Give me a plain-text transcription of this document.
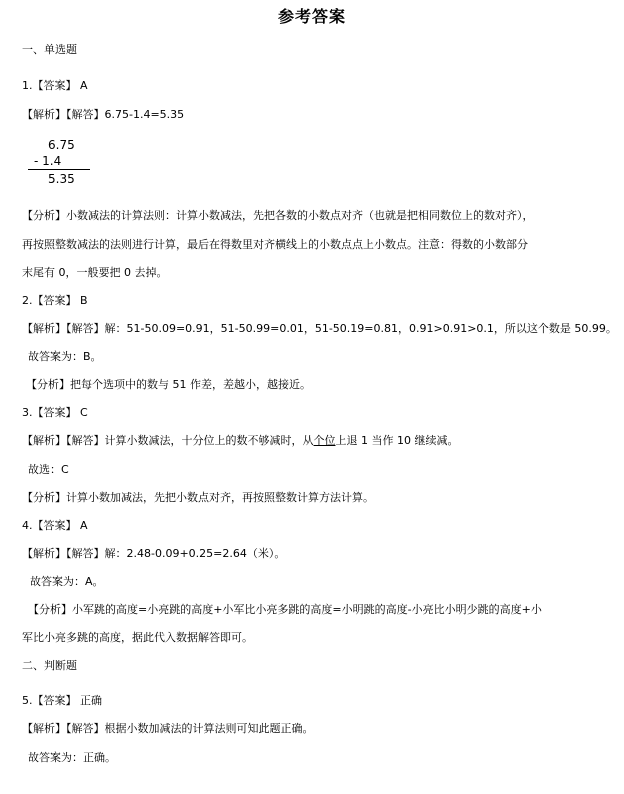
参考答案
一、单选题
1.【答案】 A
【解析】【解答】6.75-1.4=5.35
6.75
- 1.4
5.35
【分析】小数减法的计算法则：计算小数减法，先把各数的小数点对齐（也就是把相同数位上的数对齐），
再按照整数减法的法则进行计算，最后在得数里对齐横线上的小数点点上小数点。注意：得数的小数部分
末尾有 0，一般要把 0 去掉。
2.【答案】 B
【解析】【解答】解：51-50.09=0.91，51-50.99=0.01，51-50.19=0.81，0.91>0.91>0.1，所以这个数是 50.99。
故答案为：B。
【分析】把每个选项中的数与 51 作差，差越小，越接近。
3.【答案】 C
【解析】【解答】计算小数减法，十分位上的数不够减时，从个位上退 1 当作 10 继续减。
故选：C
【分析】计算小数加减法，先把小数点对齐，再按照整数计算方法计算。
4.【答案】 A
【解析】【解答】解：2.48-0.09+0.25=2.64（米）。
故答案为：A。
【分析】小军跳的高度=小亮跳的高度+小军比小亮多跳的高度=小明跳的高度-小亮比小明少跳的高度+小
军比小亮多跳的高度，据此代入数据解答即可。
二、判断题
5.【答案】 正确
【解析】【解答】根据小数加减法的计算法则可知此题正确。
故答案为：正确。
